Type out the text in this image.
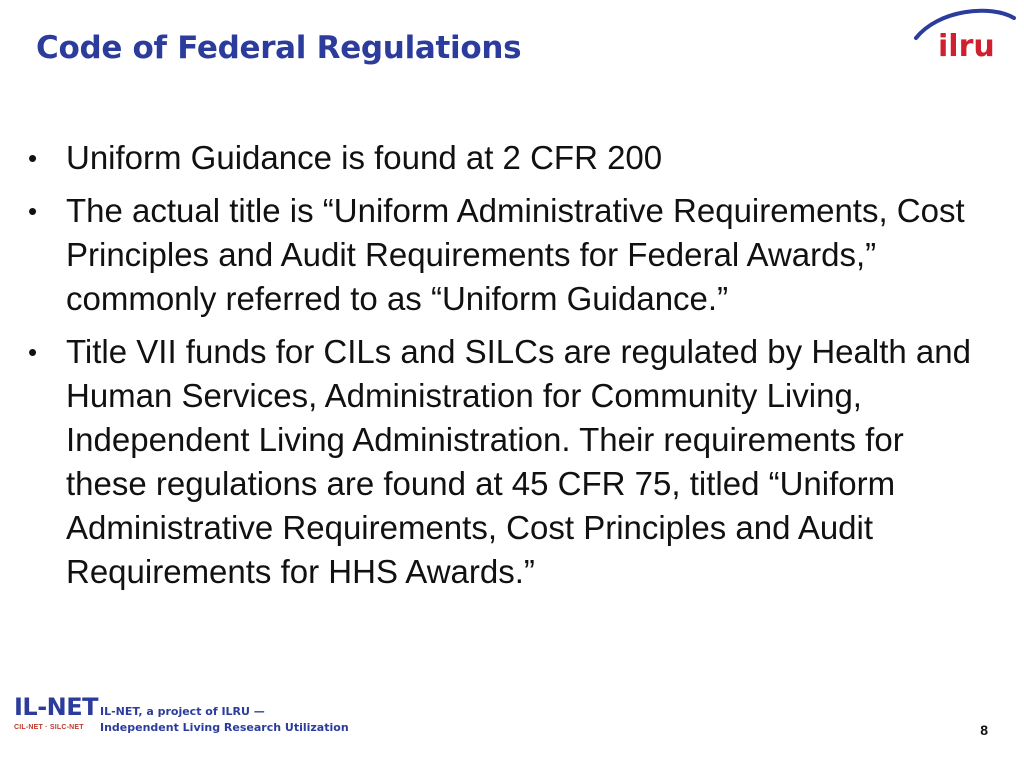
Code of Federal Regulations	ilru
• Uniform Guidance is found at 2 CFR 200
• The actual title is “Uniform Administrative Requirements, Cost Principles and Audit Requirements for Federal Awards,” commonly referred to as “Uniform Guidance.”
• Title VII funds for CILs and SILCs are regulated by Health and Human Services, Administration for Community Living, Independent Living Administration. Their requirements for these regulations are found at 45 CFR 75, titled “Uniform Administrative Requirements, Cost Principles and Audit Requirements for HHS Awards.”
IL-NET
CIL-NET · SILC-NET
IL-NET, a project of ILRU —
Independent Living Research Utilization	8
